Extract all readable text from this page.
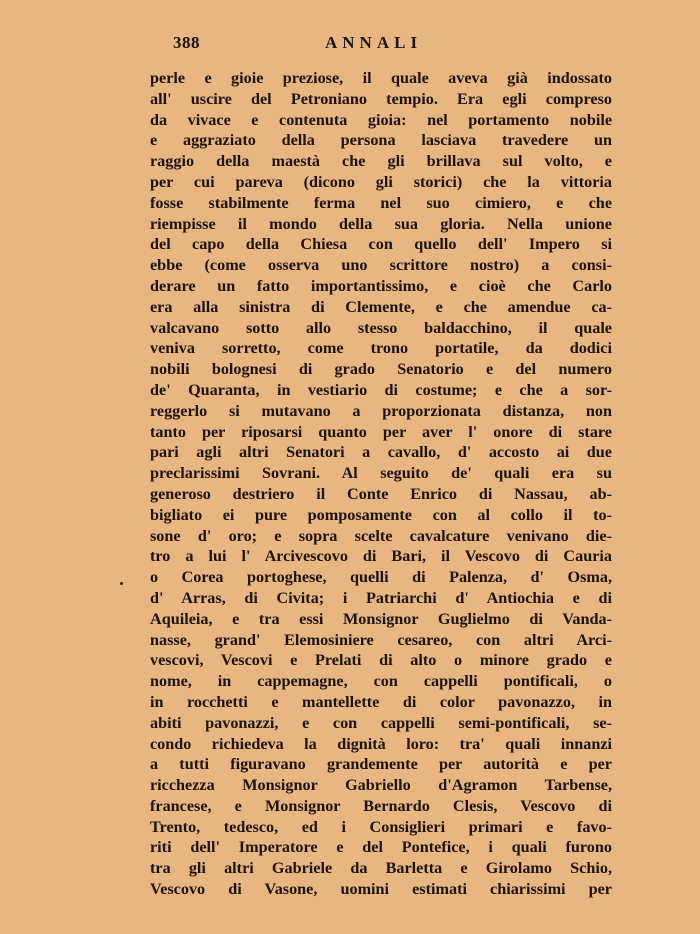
388	ANNALI
perle e gioie preziose, il quale aveva già indossato
all' uscire del Petroniano tempio. Era egli compreso
da vivace e contenuta gioia: nel portamento nobile
e aggraziato della persona lasciava travedere un
raggio della maestà che gli brillava sul volto, e
per cui pareva (dicono gli storici) che la vittoria
fosse stabilmente ferma nel suo cimiero, e che
riempisse il mondo della sua gloria. Nella unione
del capo della Chiesa con quello dell' Impero si
ebbe (come osserva uno scrittore nostro) a consi-
derare un fatto importantissimo, e cioè che Carlo
era alla sinistra di Clemente, e che amendue ca-
valcavano sotto allo stesso baldacchino, il quale
veniva sorretto, come trono portatile, da dodici
nobili bolognesi di grado Senatorio e del numero
de' Quaranta, in vestiario di costume; e che a sor-
reggerlo si mutavano a proporzionata distanza, non
tanto per riposarsi quanto per aver l' onore di stare
pari agli altri Senatori a cavallo, d' accosto ai due
preclarissimi Sovrani. Al seguito de' quali era su
generoso destriero il Conte Enrico di Nassau, ab-
bigliato ei pure pomposamente con al collo il to-
sone d' oro; e sopra scelte cavalcature venivano die-
tro a lui l' Arcivescovo di Bari, il Vescovo di Cauria
o Corea portoghese, quelli di Palenza, d' Osma,
d' Arras, di Civita; i Patriarchi d' Antiochia e di
Aquileia, e tra essi Monsignor Guglielmo di Vanda-
nasse, grand' Elemosiniere cesareo, con altri Arci-
vescovi, Vescovi e Prelati di alto o minore grado e
nome, in cappemagne, con cappelli pontificali, o
in rocchetti e mantellette di color pavonazzo, in
abiti pavonazzi, e con cappelli semi-pontificali, se-
condo richiedeva la dignità loro: tra' quali innanzi
a tutti figuravano grandemente per autorità e per
ricchezza Monsignor Gabriello d'Agramon Tarbense,
francese, e Monsignor Bernardo Clesis, Vescovo di
Trento, tedesco, ed i Consiglieri primari e favo-
riti dell' Imperatore e del Pontefice, i quali furono
tra gli altri Gabriele da Barletta e Girolamo Schio,
Vescovo di Vasone, uomini estimati chiarissimi per
